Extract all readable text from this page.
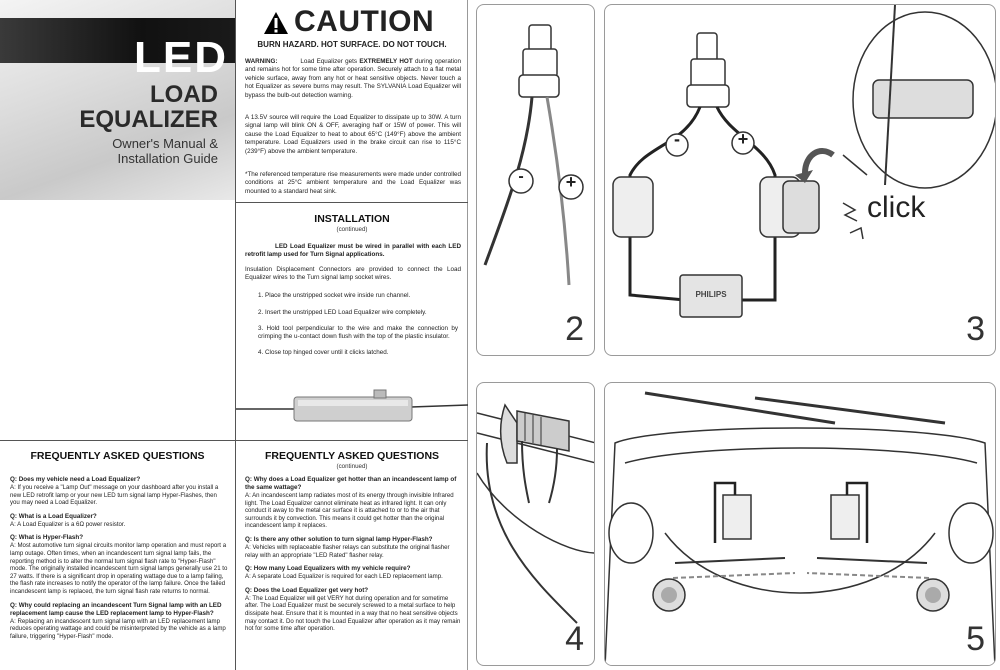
LED
LOAD
EQUALIZER
Owner's Manual &
Installation Guide
CAUTION
BURN HAZARD. HOT SURFACE. DO NOT TOUCH.
WARNING:	Load Equalizer gets EXTREMELY HOT during operation and remains hot for some time after operation. Securely attach to a flat metal vehicle surface, away from any hot or heat sensitive objects. Never touch a hot Equalizer as severe burns may result. The SYLVANIA Load Equalizer will bypass the bulb-out detection warning.
A 13.5V source will require the Load Equalizer to dissipate up to 30W. A turn signal lamp will blink ON & OFF, averaging half or 15W of power. This will cause the Load Equalizer to heat to about 65°C (149°F) above the ambient temperature. Load Equalizers used in the brake circuit can rise to 115°C (239°F) above the ambient temperature.
*The referenced temperature rise measurements were made under controlled conditions at 25°C ambient temperature and the Load Equalizer was mounted to a standard heat sink.
INSTALLATION
(continued)
LED Load Equalizer must be wired in parallel with each LED retrofit lamp used for Turn Signal applications.
Insulation Displacement Connectors are provided to connect the Load Equalizer wires to the Turn signal lamp socket wires.
1. Place the unstripped socket wire inside run channel.
2. Insert the unstripped LED Load Equalizer wire completely.
3. Hold tool perpendicular to the wire and make the connection by crimping the u-contact down flush with the top of the plastic insulator.
4. Close top hinged cover until it clicks latched.
FREQUENTLY ASKED QUESTIONS
Q: Does my vehicle need a Load Equalizer?
A: If you receive a "Lamp Out" message on your dashboard after you install a new LED retrofit lamp or your new LED turn signal lamp Hyper-Flashes, then you may need a Load Equalizer.
Q: What is a Load Equalizer?
A: A Load Equalizer is a 6Ω power resistor.
Q: What is Hyper-Flash?
A: Most automotive turn signal circuits monitor lamp operation and must report a lamp outage. Often times, when an incandescent turn signal lamp fails, the reporting method is to alter the normal turn signal flash rate to "Hyper-Flash" mode. The originally installed incandescent turn signal lamps generally use 21 to 27 watts. If there is a significant drop in operating wattage due to a lamp failing, the flash rate increases to notify the operator of the lamp failure. Once the failed incandescent lamp is replaced, the turn signal flash rate returns to normal.
Q: Why could replacing an incandescent Turn Signal lamp with an LED replacement lamp cause the LED replacement lamp to Hyper-Flash?
A: Replacing an incandescent turn signal lamp with an LED replacement lamp reduces operating wattage and could be misinterpreted by the vehicle as a lamp failure, triggering "Hyper-Flash" mode.
FREQUENTLY ASKED QUESTIONS
(continued)
Q: Why does a Load Equalizer get hotter than an incandescent lamp of the same wattage?
A: An incandescent lamp radiates most of its energy through invisible Infrared light. The Load Equalizer cannot eliminate heat as infrared light. It can only conduct it away to the metal car surface it is attached to or to the air that surrounds it by convection. This means it could get hotter than the original incandescent lamp it replaces.
Q: Is there any other solution to turn signal lamp Hyper-Flash?
A: Vehicles with replaceable flasher relays can substitute the original flasher relay with an appropriate "LED Rated" flasher relay.
Q: How many Load Equalizers with my vehicle require?
A: A separate Load Equalizer is required for each LED replacement lamp.
Q: Does the Load Equalizer get very hot?
A: The Load Equalizer will get VERY hot during operation and for sometime after. The Load Equalizer must be securely screwed to a metal surface to help dissipate heat. Ensure that it is mounted in a way that no heat sensitive objects may contact it. Do not touch the Load Equalizer after operation as it may remain hot for some time after operation.
- +
2
-	+
PHILIPS
click
3
4	5
